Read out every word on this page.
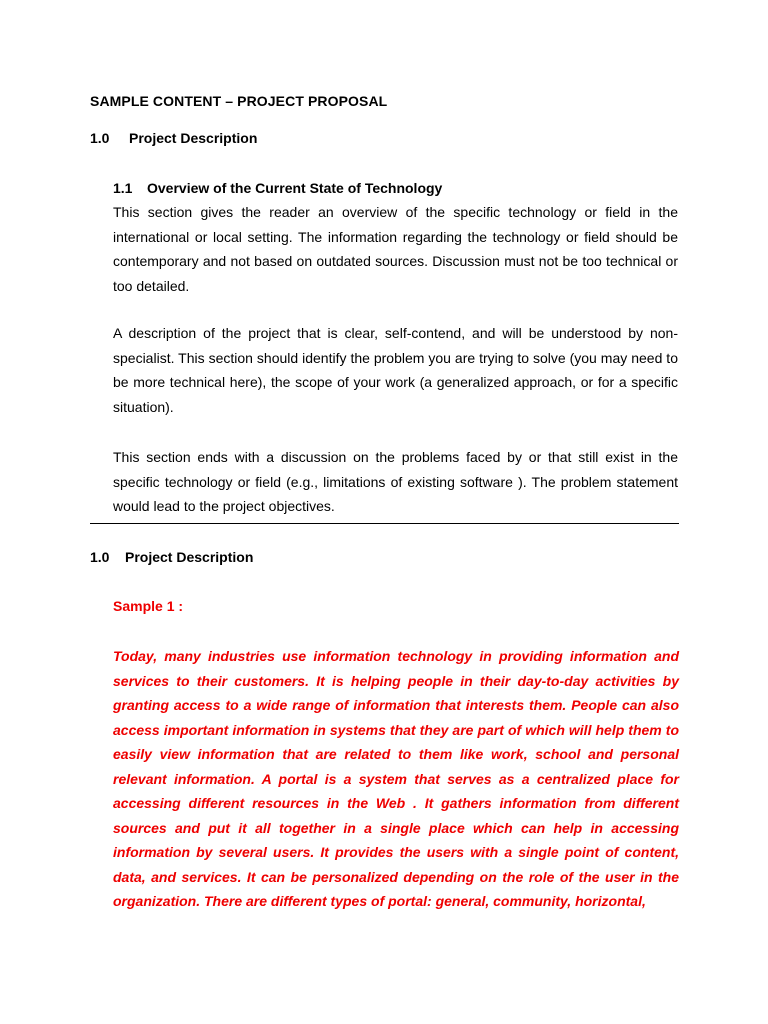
SAMPLE CONTENT – PROJECT PROPOSAL
1.0 Project Description
1.1 Overview of the Current State of Technology

This section gives the reader an overview of the specific technology or field in the international or local setting. The information regarding the technology or field should be contemporary and not based on outdated sources. Discussion must not be too technical or too detailed.

A description of the project that is clear, self-contend, and will be understood by non-specialist. This section should identify the problem you are trying to solve (you may need to be more technical here), the scope of your work (a generalized approach, or for a specific situation).

This section ends with a discussion on the problems faced by or that still exist in the specific technology or field (e.g., limitations of existing software ). The problem statement would lead to the project objectives.

1.0 Project Description
Sample 1 :

Today, many industries use information technology in providing information and services to their customers. It is helping people in their day-to-day activities by granting access to a wide range of information that interests them. People can also access important information in systems that they are part of which will help them to easily view information that are related to them like work, school and personal relevant information. A portal is a system that serves as a centralized place for accessing different resources in the Web . It gathers information from different sources and put it all together in a single place which can help in accessing information by several users. It provides the users with a single point of content, data, and services. It can be personalized depending on the role of the user in the organization. There are different types of portal: general, community, horizontal,
